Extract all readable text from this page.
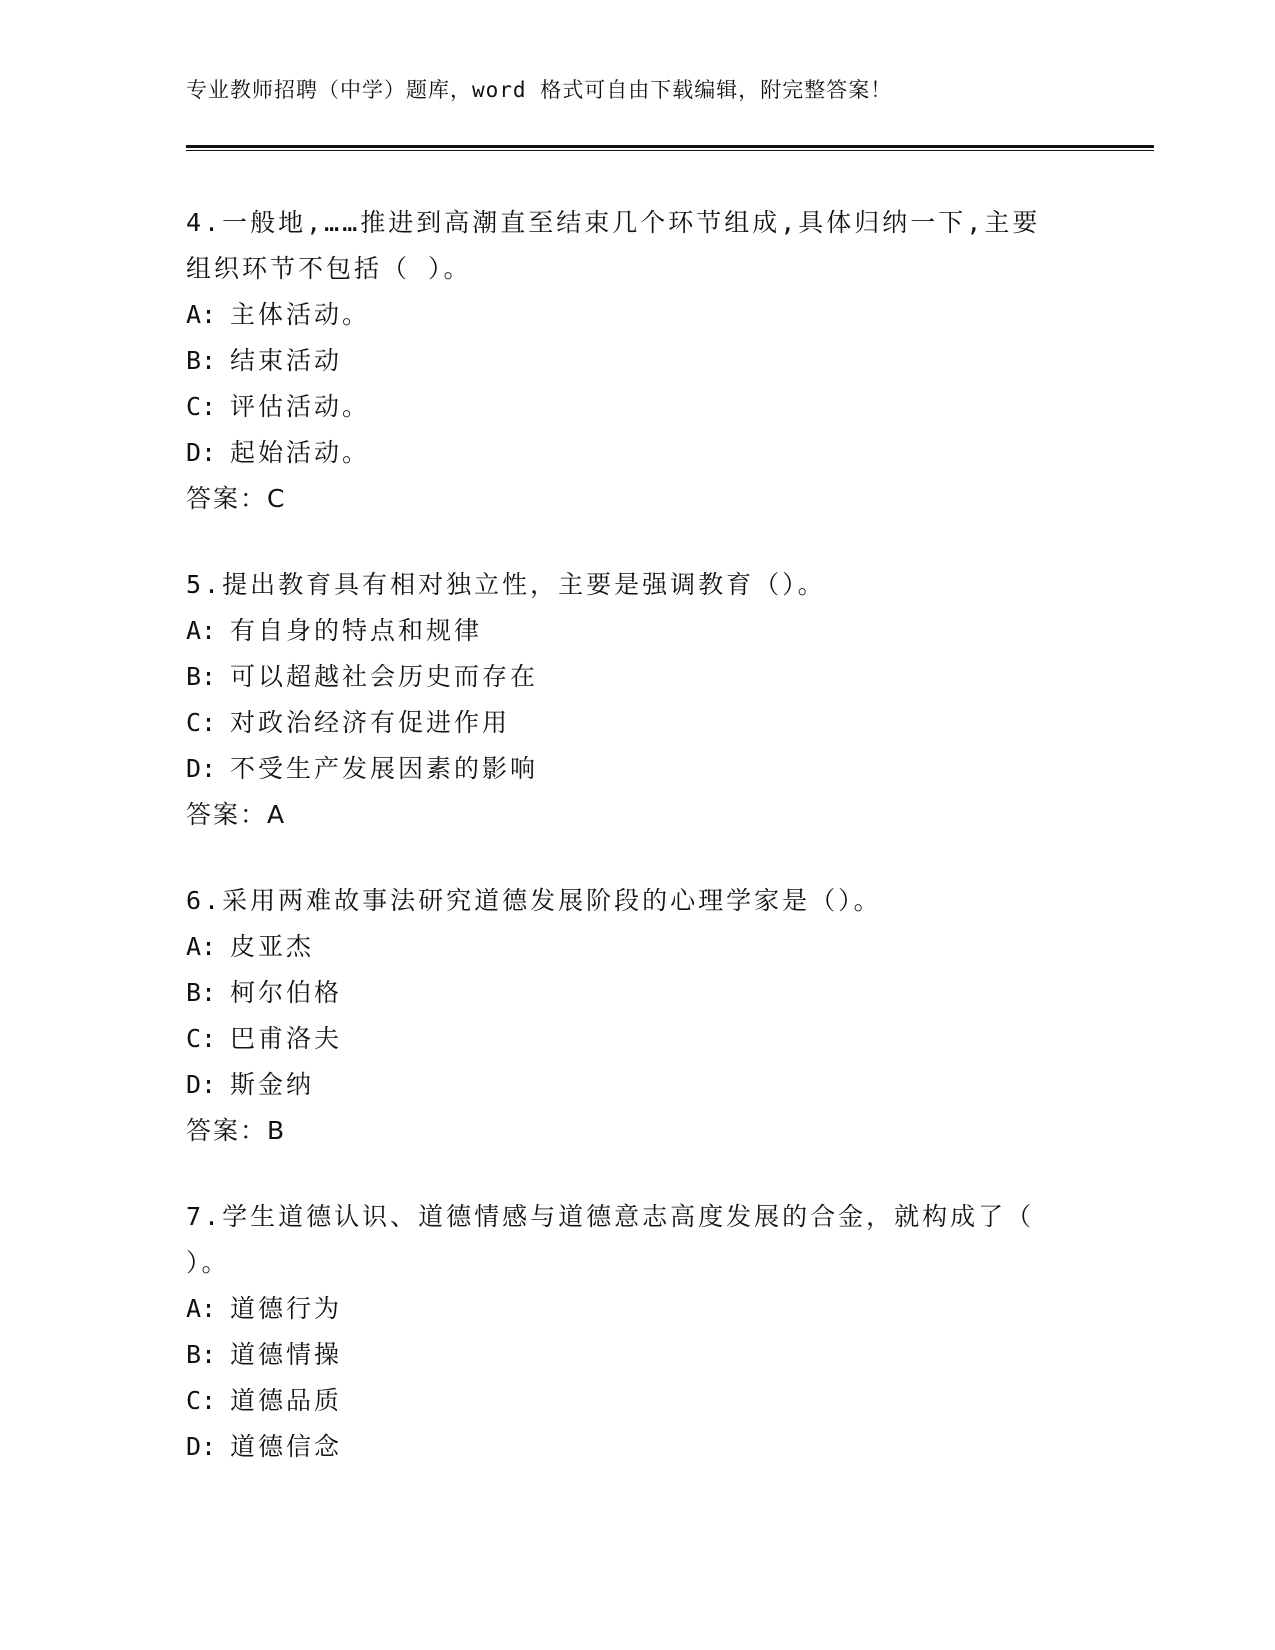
专业教师招聘（中学）题库，word 格式可自由下载编辑，附完整答案！
4.一般地,……推进到高潮直至结束几个环节组成,具体归纳一下,主要
组织环节不包括（ ）。
A: 主体活动。
B: 结束活动
C: 评估活动。
D: 起始活动。
答案：C
5.提出教育具有相对独立性，主要是强调教育（）。
A: 有自身的特点和规律
B: 可以超越社会历史而存在
C: 对政治经济有促进作用
D: 不受生产发展因素的影响
答案：A
6.采用两难故事法研究道德发展阶段的心理学家是（）。
A: 皮亚杰
B: 柯尔伯格
C: 巴甫洛夫
D: 斯金纳
答案：B
7.学生道德认识、道德情感与道德意志高度发展的合金，就构成了（
）。
A: 道德行为
B: 道德情操
C: 道德品质
D: 道德信念
